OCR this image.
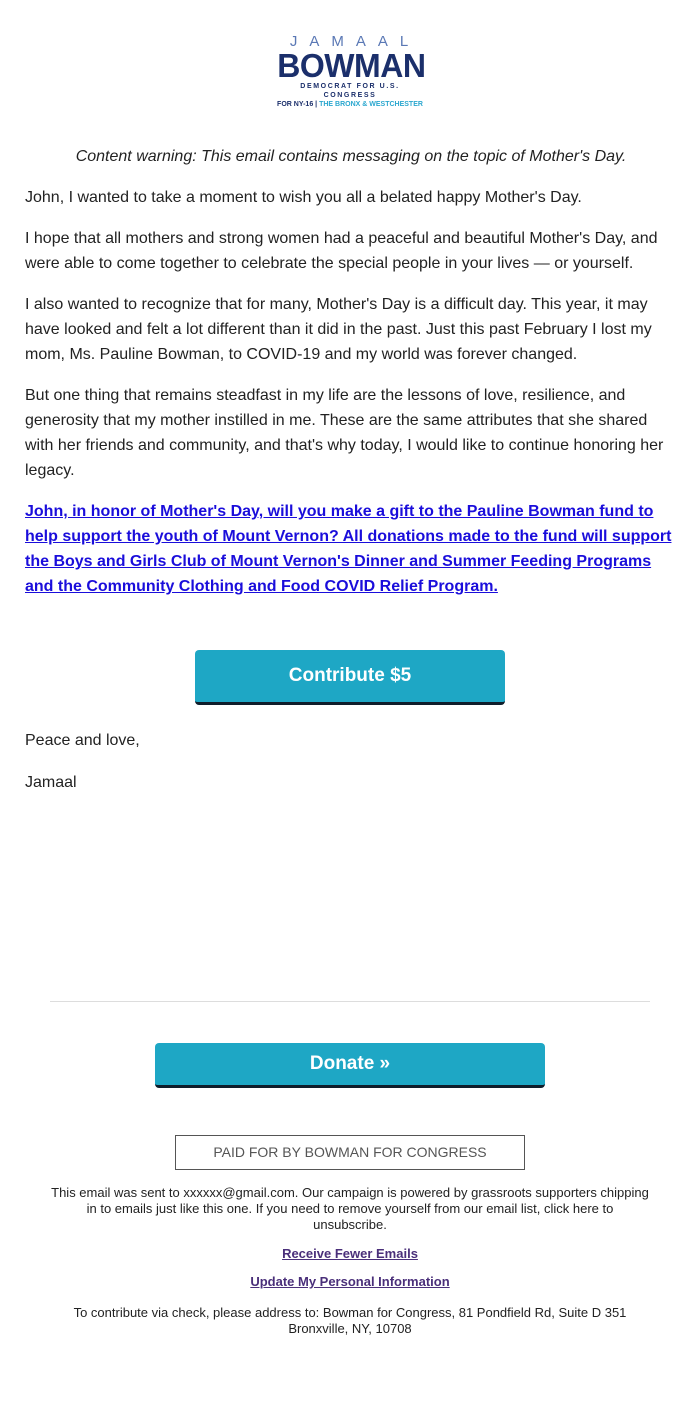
JAMAAL
BOWMAN
DEMOCRAT FOR U.S. CONGRESS
FOR NY-16 | THE BRONX & WESTCHESTER

Content warning: This email contains messaging on the topic of Mother's Day.

John, I wanted to take a moment to wish you all a belated happy Mother's Day.

I hope that all mothers and strong women had a peaceful and beautiful Mother's Day, and were able to come together to celebrate the special people in your lives — or yourself.

I also wanted to recognize that for many, Mother's Day is a difficult day. This year, it may have looked and felt a lot different than it did in the past. Just this past February I lost my mom, Ms. Pauline Bowman, to COVID-19 and my world was forever changed.

But one thing that remains steadfast in my life are the lessons of love, resilience, and generosity that my mother instilled in me. These are the same attributes that she shared with her friends and community, and that's why today, I would like to continue honoring her legacy.

John, in honor of Mother's Day, will you make a gift to the Pauline Bowman fund to help support the youth of Mount Vernon? All donations made to the fund will support the Boys and Girls Club of Mount Vernon's Dinner and Summer Feeding Programs and the Community Clothing and Food COVID Relief Program.

Contribute $5
Peace and love,
Jamaal
Donate »
PAID FOR BY BOWMAN FOR CONGRESS
This email was sent to xxxxxx@gmail.com. Our campaign is powered by grassroots supporters chipping in to emails just like this one. If you need to remove yourself from our email list, click here to unsubscribe.
Receive Fewer Emails
Update My Personal Information
To contribute via check, please address to: Bowman for Congress, 81 Pondfield Rd, Suite D 351 Bronxville, NY, 10708
